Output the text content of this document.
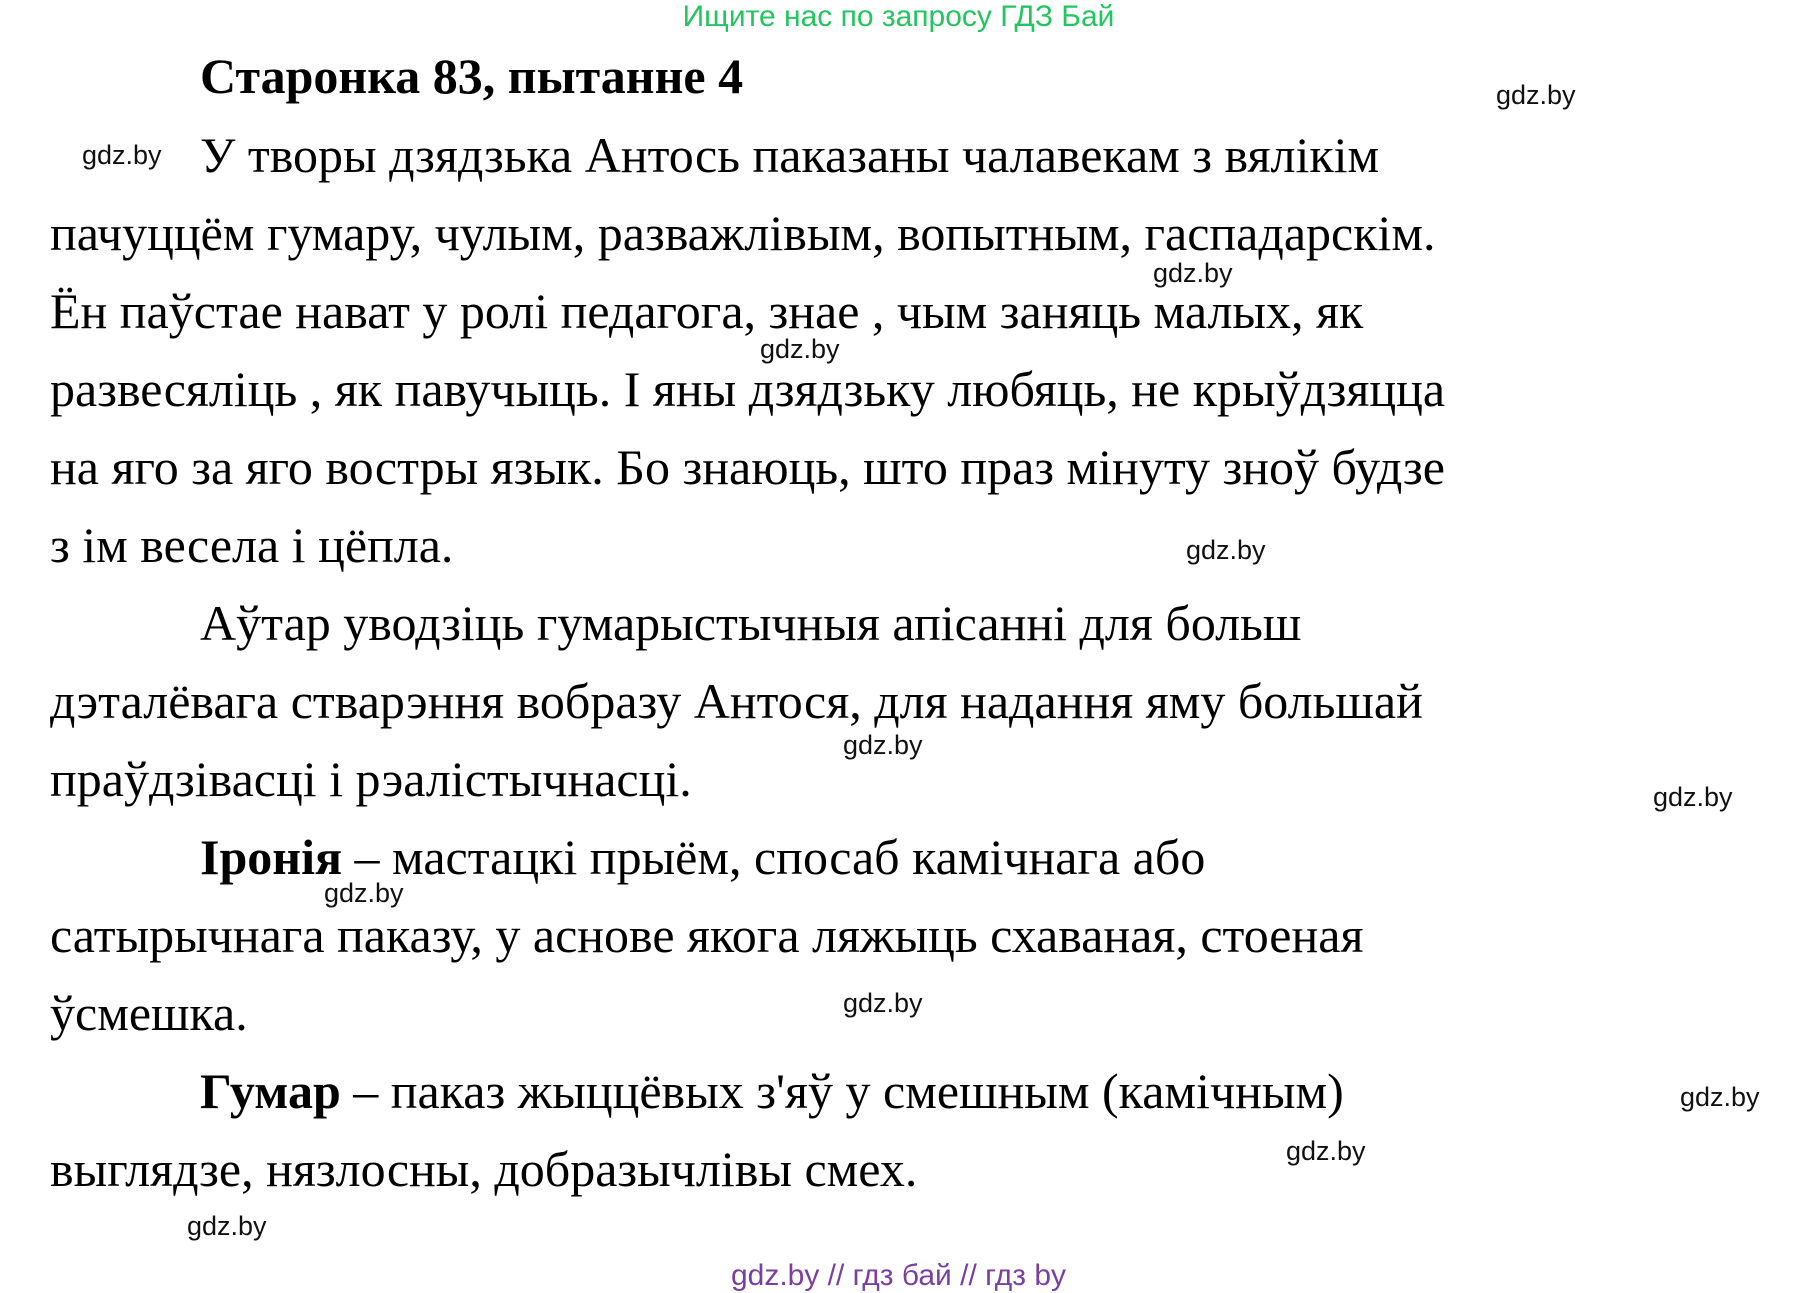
Ищите нас по запросу ГДЗ Бай
Старонка 83, пытанне 4
У творы дзядзька Антось паказаны чалавекам з вялікім
пачуццём гумару, чулым, разважлівым, вопытным, гаспадарскім.
Ён паўстае нават у ролі педагога, знае , чым заняць малых, як
развесяліць , як павучыць. І яны дзядзьку любяць, не крыўдзяцца
на яго за яго востры язык. Бо знаюць, што праз мінуту зноў будзе
з ім весела і цёпла.
Аўтар уводзіць гумарыстычныя апісанні для больш
дэталёвага стварэння вобразу Антося, для надання яму большай
праўдзівасці і рэалістычнасці.
Іронія – мастацкі прыём, спосаб камічнага або
сатырычнага паказу, у аснове якога ляжыць схаваная, стоеная
ўсмешка.
Гумар – паказ жыццёвых з'яў у смешным (камічным)
выглядзе, нязлосны, добразычлівы смех.
gdz.by
gdz.by
gdz.by
gdz.by
gdz.by
gdz.by
gdz.by
gdz.by
gdz.by
gdz.by
gdz.by
gdz.by
gdz.by // гдз бай // гдз by
